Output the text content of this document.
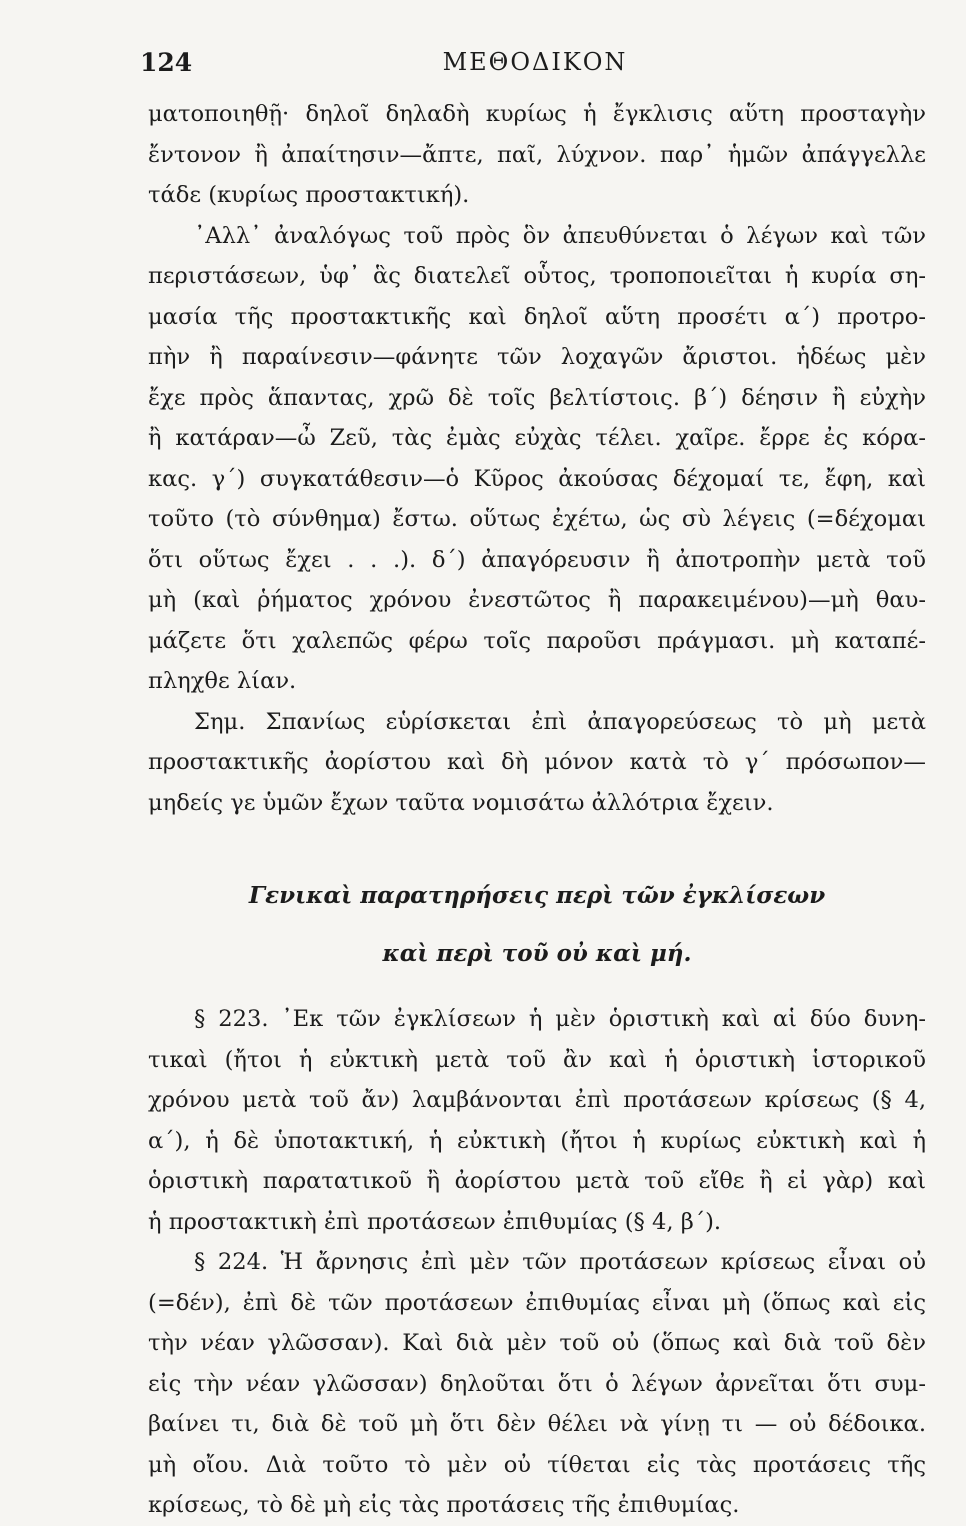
124	ΜΕΘΟΔΙΚΟΝ
ματοποιηθῇ· δηλοῖ δηλαδὴ κυρίως ἡ ἔγκλισις αὕτη προσταγὴν
ἔντονον ἢ ἀπαίτησιν—ἄπτε, παῖ, λύχνον. παρ᾽ ἡμῶν ἀπάγγελλε
τάδε (κυρίως προστακτική).
᾽Αλλ᾽ ἀναλόγως τοῦ πρὸς ὃν ἀπευθύνεται ὁ λέγων καὶ τῶν
περιστάσεων, ὑφ᾽ ἃς διατελεῖ οὗτος, τροποποιεῖται ἡ κυρία ση-
μασία τῆς προστακτικῆς καὶ δηλοῖ αὕτη προσέτι α΄) προτρο-
πὴν ἢ παραίνεσιν—φάνητε τῶν λοχαγῶν ἄριστοι. ἡδέως μὲν
ἔχε πρὸς ἅπαντας, χρῶ δὲ τοῖς βελτίστοις. β΄) δέησιν ἢ εὐχὴν
ἢ κατάραν—ὦ Ζεῦ, τὰς ἐμὰς εὐχὰς τέλει. χαῖρε. ἔρρε ἐς κόρα-
κας. γ΄) συγκατάθεσιν—ὁ Κῦρος ἀκούσας δέχομαί τε, ἔφη, καὶ
τοῦτο (τὸ σύνθημα) ἔστω. οὕτως ἐχέτω, ὡς σὺ λέγεις (=δέχομαι
ὅτι οὕτως ἔχει . . .). δ΄) ἀπαγόρευσιν ἢ ἀποτροπὴν μετὰ τοῦ
μὴ (καὶ ῥήματος χρόνου ἐνεστῶτος ἢ παρακειμένου)—μὴ θαυ-
μάζετε ὅτι χαλεπῶς φέρω τοῖς παροῦσι πράγμασι. μὴ καταπέ-
πληχθε λίαν.
Σημ. Σπανίως εὑρίσκεται ἐπὶ ἀπαγορεύσεως τὸ μὴ μετὰ
προστακτικῆς ἀορίστου καὶ δὴ μόνον κατὰ τὸ γ΄ πρόσωπον—
μηδείς γε ὑμῶν ἔχων ταῦτα νομισάτω ἀλλότρια ἔχειν.
Γενικαὶ παρατηρήσεις περὶ τῶν ἐγκλίσεων
καὶ περὶ τοῦ οὐ καὶ μή.
§ 223. ᾽Εκ τῶν ἐγκλίσεων ἡ μὲν ὁριστικὴ καὶ αἱ δύο δυνη-
τικαὶ (ἤτοι ἡ εὐκτικὴ μετὰ τοῦ ἂν καὶ ἡ ὁριστικὴ ἱστορικοῦ
χρόνου μετὰ τοῦ ἄν) λαμβάνονται ἐπὶ προτάσεων κρίσεως (§ 4,
α΄), ἡ δὲ ὑποτακτική, ἡ εὐκτικὴ (ἤτοι ἡ κυρίως εὐκτικὴ καὶ ἡ
ὁριστικὴ παρατατικοῦ ἢ ἀορίστου μετὰ τοῦ εἴθε ἢ εἰ γὰρ) καὶ
ἡ προστακτικὴ ἐπὶ προτάσεων ἐπιθυμίας (§ 4, β΄).
§ 224. Ἡ ἄρνησις ἐπὶ μὲν τῶν προτάσεων κρίσεως εἶναι οὐ
(=δέν), ἐπὶ δὲ τῶν προτάσεων ἐπιθυμίας εἶναι μὴ (ὅπως καὶ εἰς
τὴν νέαν γλῶσσαν). Καὶ διὰ μὲν τοῦ οὐ (ὅπως καὶ διὰ τοῦ δὲν
εἰς τὴν νέαν γλῶσσαν) δηλοῦται ὅτι ὁ λέγων ἀρνεῖται ὅτι συμ-
βαίνει τι, διὰ δὲ τοῦ μὴ ὅτι δὲν θέλει νὰ γίνῃ τι — οὐ δέδοικα.
μὴ οἴου. Διὰ τοῦτο τὸ μὲν οὐ τίθεται εἰς τὰς προτάσεις τῆς
κρίσεως, τὸ δὲ μὴ εἰς τὰς προτάσεις τῆς ἐπιθυμίας.
